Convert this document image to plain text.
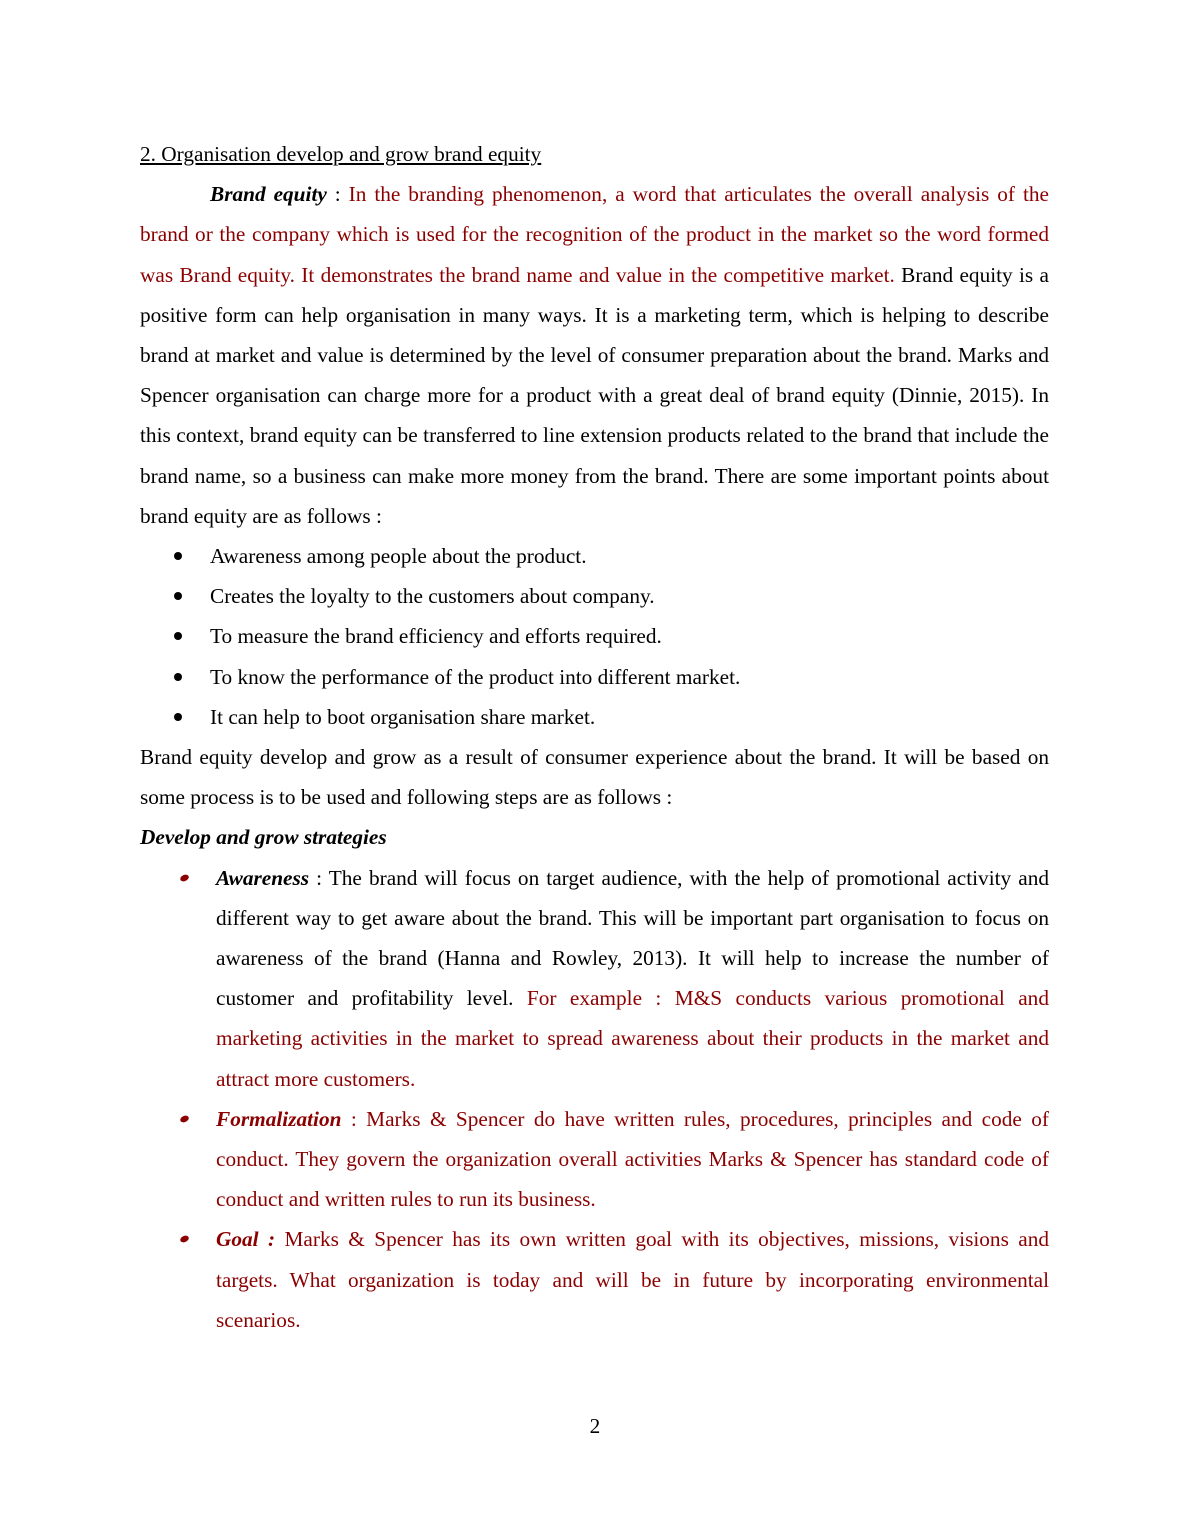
2. Organisation develop and grow brand equity
Brand equity : In the branding phenomenon, a word that articulates the overall analysis of the brand or the company which is used for the recognition of the product in the market so the word formed was Brand equity. It demonstrates the brand name and value in the competitive market. Brand equity is a positive form can help organisation in many ways. It is a marketing term, which is helping to describe brand at market and value is determined by the level of consumer preparation about the brand. Marks and Spencer organisation can charge more for a product with a great deal of brand equity (Dinnie, 2015). In this context, brand equity can be transferred to line extension products related to the brand that include the brand name, so a business can make more money from the brand. There are some important points about brand equity are as follows :
Awareness among people about the product.
Creates the loyalty to the customers about company.
To measure the brand efficiency and efforts required.
To know the performance of the product into different market.
It can help to boot organisation share market.
Brand equity develop and grow as a result of consumer experience about the brand. It will be based on some process is to be used and following steps are as follows :
Develop and grow strategies
Awareness : The brand will focus on target audience, with the help of promotional activity and different way to get aware about the brand. This will be important part organisation to focus on awareness of the brand (Hanna and Rowley, 2013). It will help to increase the number of customer and profitability level. For example : M&S conducts various promotional and marketing activities in the market to spread awareness about their products in the market and attract more customers.
Formalization : Marks & Spencer do have written rules, procedures, principles and code of conduct. They govern the organization overall activities Marks & Spencer has standard code of conduct and written rules to run its business.
Goal : Marks & Spencer has its own written goal with its objectives, missions, visions and targets. What organization is today and will be in future by incorporating environmental scenarios.
2
